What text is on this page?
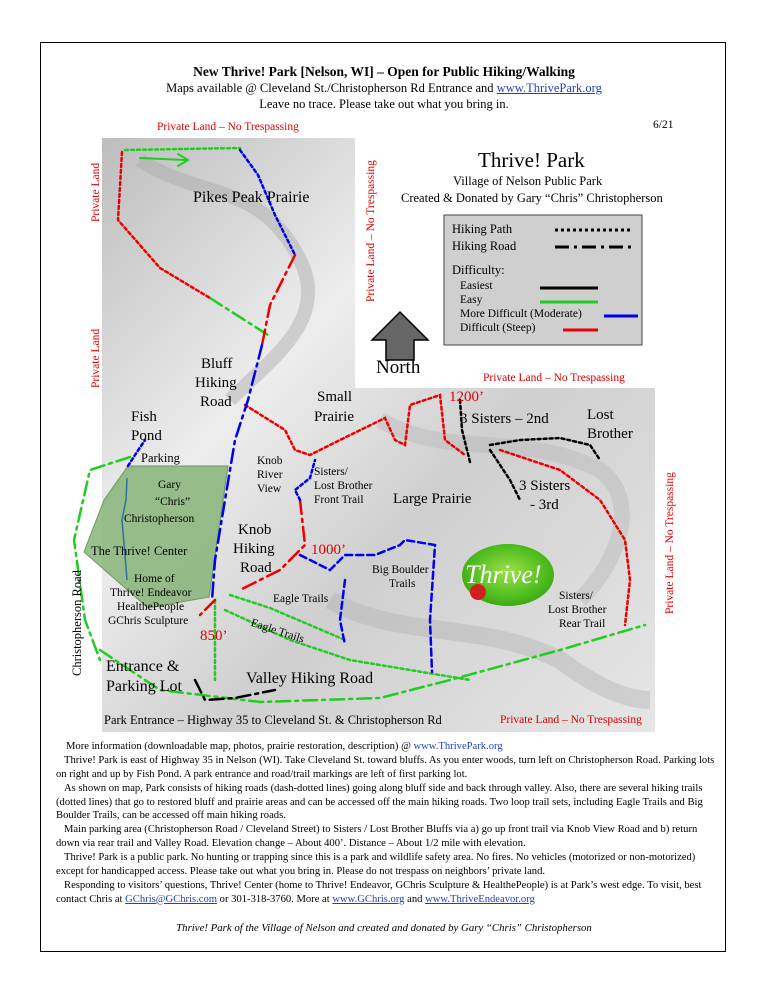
New Thrive! Park [Nelson, WI] – Open for Public Hiking/Walking
Maps available @ Cleveland St./Christopherson Rd Entrance and www.ThrivePark.org
Leave no trace. Please take out what you bring in.
6/21
Thrive! Park
Village of Nelson Public Park
Created & Donated by Gary “Chris” Christopherson
Hiking Path
Hiking Road
Difficulty:
Easiest
Easy
More Difficult (Moderate)
Difficult (Steep)
North
Private Land – No Trespassing
Private Land
Private Land
Private Land – No Trespassing
Private Land – No Trespassing
Private Land – No Trespassing
Private Land – No Trespassing
Pikes Peak Prairie
Bluff
Hiking
Road	Small
Prairie
1200’
3 Sisters – 2nd	Lost
Brother
Fish
Pond
Parking	Knob
River
View
Sisters/
Lost Brother
Front Trail Large Prairie
3 Sisters
- 3rd
Gary
“Chris”
Christopherson
The Thrive! Center
Knob
Hiking
Road
1000’
Big Boulder
Trails Thrive!
Home of
Thrive! Endeavor
HealthePeople
GChris Sculpture
Eagle Trails
Eagle Trails
Sisters/
Lost Brother
Rear Trail
850’
Christopherson Road Entrance &
Parking Lot	Valley Hiking Road
Park Entrance – Highway 35 to Cleveland St. & Christopherson Rd
More information (downloadable map, photos, prairie restoration, description) @ www.ThrivePark.org
Thrive! Park is east of Highway 35 in Nelson (WI). Take Cleveland St. toward bluffs. As you enter woods, turn left on Christopherson Road. Parking lots on right and up by Fish Pond. A park entrance and road/trail markings are left of first parking lot.
As shown on map, Park consists of hiking roads (dash-dotted lines) going along bluff side and back through valley. Also, there are several hiking trails (dotted lines) that go to restored bluff and prairie areas and can be accessed off the main hiking roads. Two loop trail sets, including Eagle Trails and Big Boulder Trails, can be accessed off main hiking roads.
Main parking area (Christopherson Road / Cleveland Street) to Sisters / Lost Brother Bluffs via a) go up front trail via Knob View Road and b) return down via rear trail and Valley Road. Elevation change – About 400’. Distance – About 1/2 mile with elevation.
Thrive! Park is a public park. No hunting or trapping since this is a park and wildlife safety area. No fires. No vehicles (motorized or non-motorized) except for handicapped access. Please take out what you bring in. Please do not trespass on neighbors’ private land.
Responding to visitors’ questions, Thrive! Center (home to Thrive! Endeavor, GChris Sculpture & HealthePeople) is at Park’s west edge. To visit, best contact Chris at GChris@GChris.com or 301-318-3760. More at www.GChris.org and www.ThriveEndeavor.org
Thrive! Park of the Village of Nelson and created and donated by Gary “Chris” Christopherson
